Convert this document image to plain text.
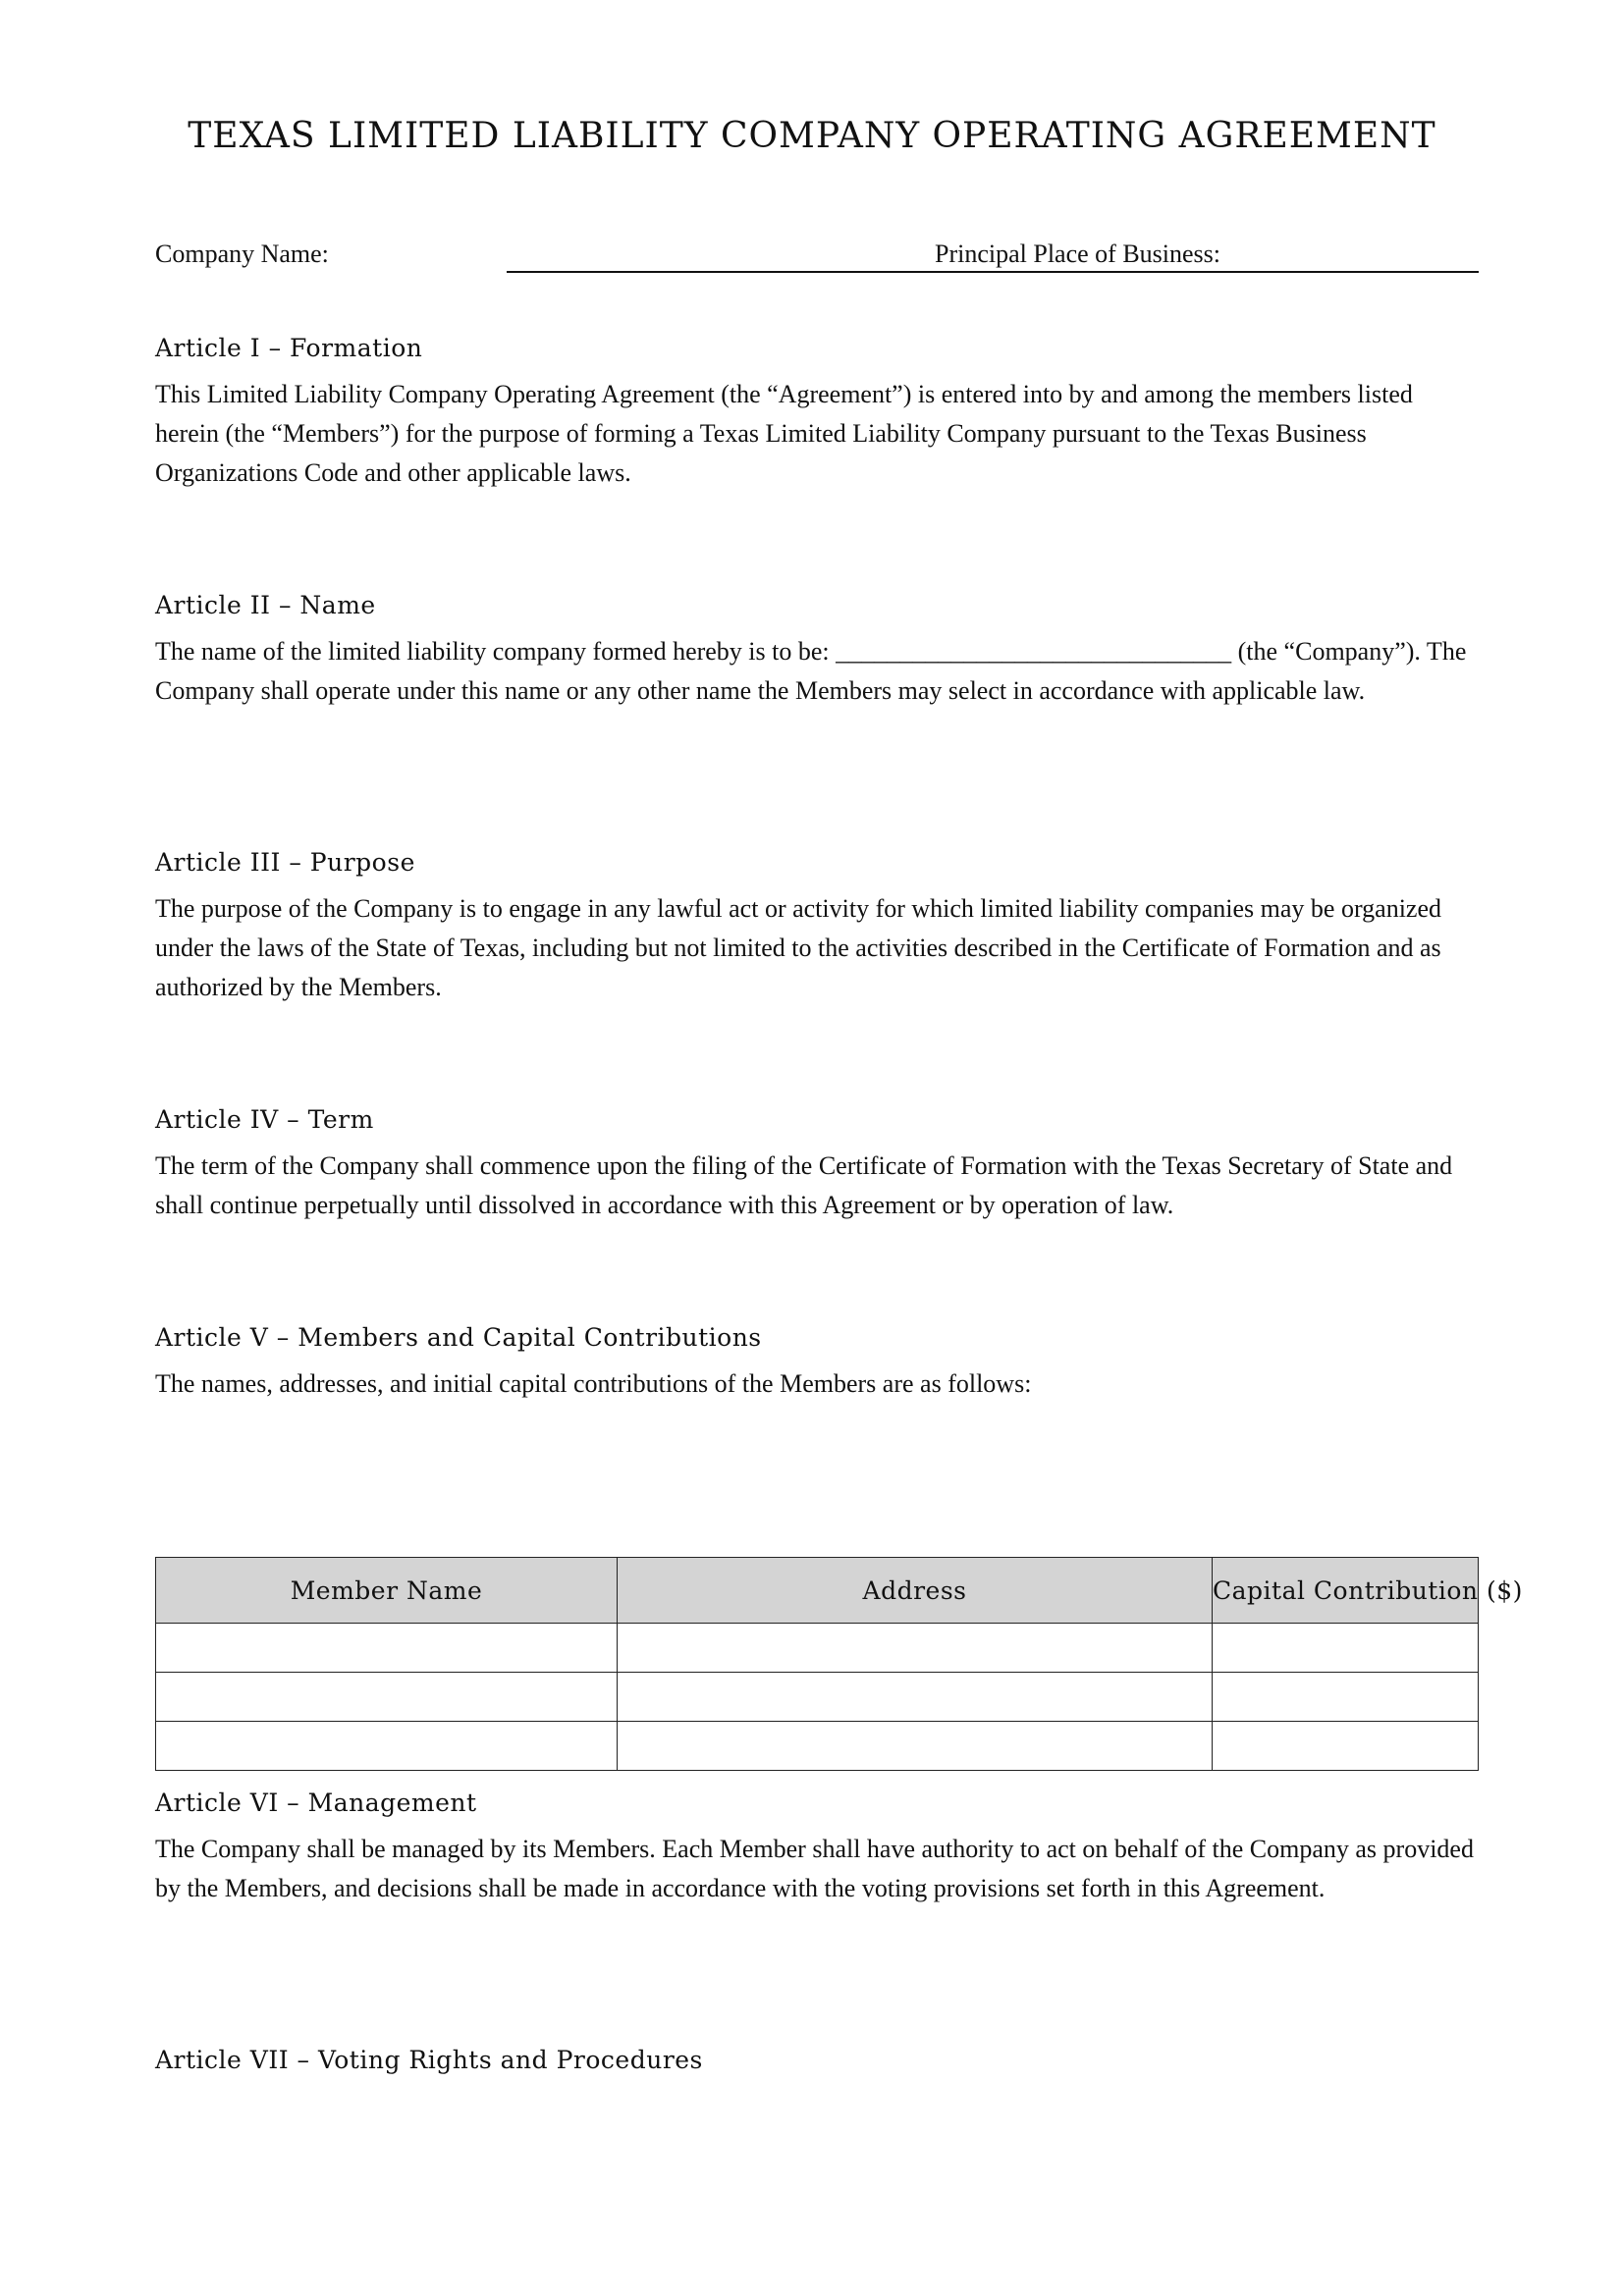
TEXAS LIMITED LIABILITY COMPANY OPERATING AGREEMENT
Company Name:	Principal Place of Business:
Article I – Formation

This Limited Liability Company Operating Agreement (the “Agreement”) is entered into by and among the members listed herein (the “Members”) for the purpose of forming a Texas Limited Liability Company pursuant to the Texas Business Organizations Code and other applicable laws.

Article II – Name

The name of the limited liability company formed hereby is to be: _______________________________ (the “Company”). The Company shall operate under this name or any other name the Members may select in accordance with applicable law.

Article III – Purpose

The purpose of the Company is to engage in any lawful act or activity for which limited liability companies may be organized under the laws of the State of Texas, including but not limited to the activities described in the Certificate of Formation and as authorized by the Members.

Article IV – Term

The term of the Company shall commence upon the filing of the Certificate of Formation with the Texas Secretary of State and shall continue perpetually until dissolved in accordance with this Agreement or by operation of law.

Article V – Members and Capital Contributions

The names, addresses, and initial capital contributions of the Members are as follows:

Member Name	Address	Capital Contribution ($)

Article VI – Management

The Company shall be managed by its Members. Each Member shall have authority to act on behalf of the Company as provided by the Members, and decisions shall be made in accordance with the voting provisions set forth in this Agreement.

Article VII – Voting Rights and Procedures
